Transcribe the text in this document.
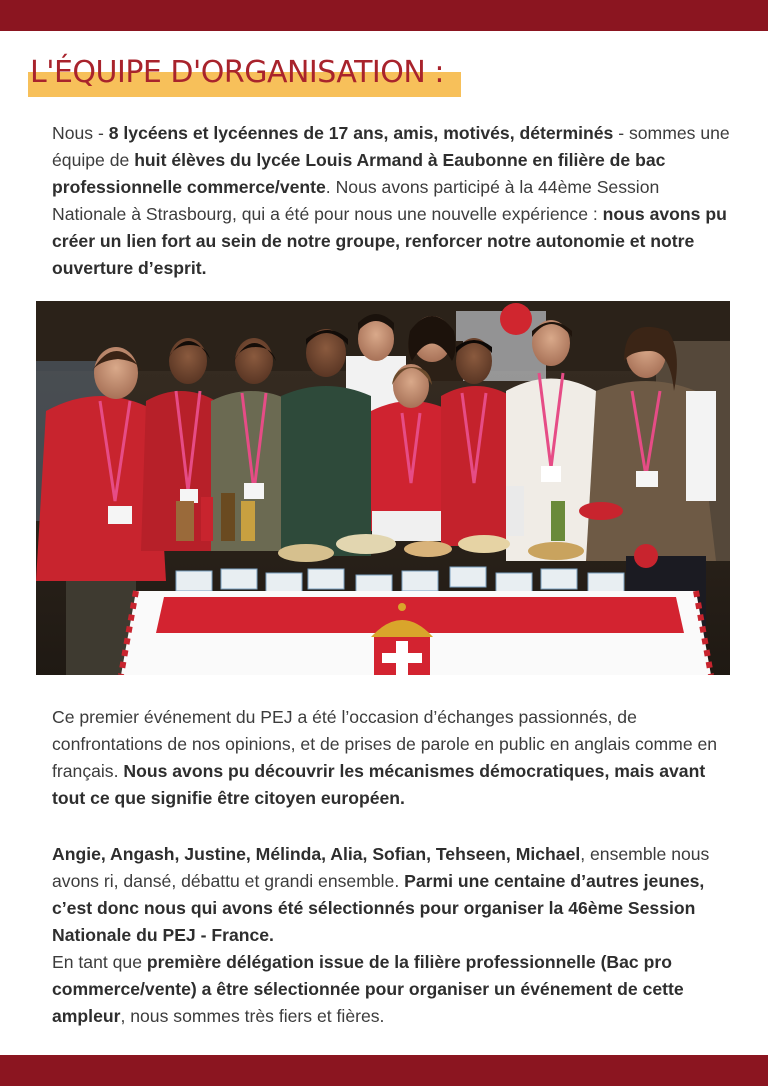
L'ÉQUIPE D'ORGANISATION :

Nous - 8 lycéens et lycéennes de 17 ans, amis, motivés, déterminés - sommes une équipe de huit élèves du lycée Louis Armand à Eaubonne en filière de bac professionnelle commerce/vente. Nous avons participé à la 44ème Session Nationale à Strasbourg, qui a été pour nous une nouvelle expérience : nous avons pu créer un lien fort au sein de notre groupe, renforcer notre autonomie et notre ouverture d’esprit.

Ce premier événement du PEJ a été l’occasion d’échanges passionnés, de confrontations de nos opinions, et de prises de parole en public en anglais comme en français. Nous avons pu découvrir les mécanismes démocratiques, mais avant tout ce que signifie être citoyen européen.

Angie, Angash, Justine, Mélinda, Alia, Sofian, Tehseen, Michael, ensemble nous avons ri, dansé, débattu et grandi ensemble. Parmi une centaine d’autres jeunes, c’est donc nous qui avons été sélectionnés pour organiser la 46ème Session Nationale du PEJ - France.
En tant que première délégation issue de la filière professionnelle (Bac pro commerce/vente) a être sélectionnée pour organiser un événement de cette ampleur, nous sommes très fiers et fières.
